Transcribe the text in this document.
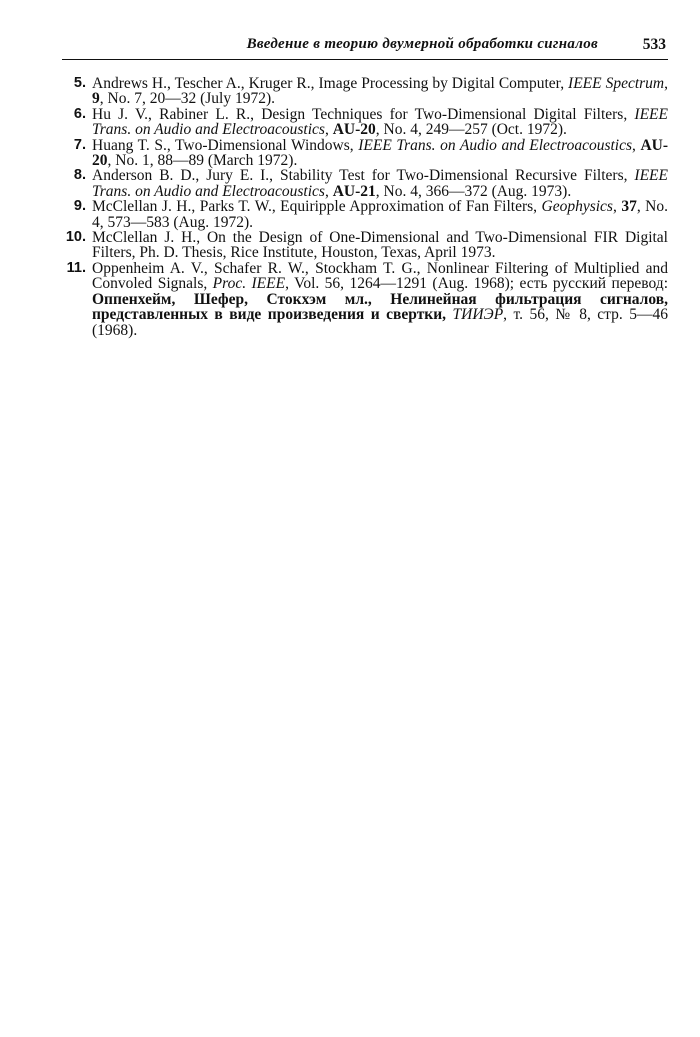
Введение в теорию двумерной обработки сигналов	533
5. Andrews H., Tescher A., Kruger R., Image Processing by Digital Computer, IEEE Spectrum, 9, No. 7, 20—32 (July 1972).
6. Hu J. V., Rabiner L. R., Design Techniques for Two-Dimensional Digital Filters, IEEE Trans. on Audio and Electroacoustics, AU-20, No. 4, 249—257 (Oct. 1972).
7. Huang T. S., Two-Dimensional Windows, IEEE Trans. on Audio and Electroacoustics, AU-20, No. 1, 88—89 (March 1972).
8. Anderson B. D., Jury E. I., Stability Test for Two-Dimensional Recursive Filters, IEEE Trans. on Audio and Electroacoustics, AU-21, No. 4, 366—372 (Aug. 1973).
9. McClellan J. H., Parks T. W., Equiripple Approximation of Fan Filters, Geophysics, 37, No. 4, 573—583 (Aug. 1972).
10. McClellan J. H., On the Design of One-Dimensional and Two-Dimensional FIR Digital Filters, Ph. D. Thesis, Rice Institute, Houston, Texas, April 1973.
11. Oppenheim A. V., Schafer R. W., Stockham T. G., Nonlinear Filtering of Multiplied and Convoled Signals, Proc. IEEE, Vol. 56, 1264—1291 (Aug. 1968); есть русский перевод: Оппенхейм, Шефер, Стокхэм мл., Нелинейная фильтрация сигналов, представленных в виде произведения и свертки, ТИИЭР, т. 56, № 8, стр. 5—46 (1968).
